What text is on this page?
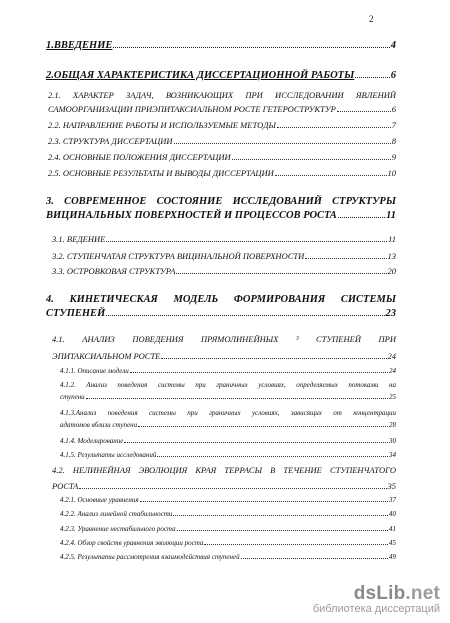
2
1.ВВЕДЕНИЕ	4
2.ОБЩАЯ ХАРАКТЕРИСТИКА ДИССЕРТАЦИОННОЙ РАБОТЫ	6
2.1. ХАРАКТЕР ЗАДАЧ, ВОЗНИКАЮЩИХ ПРИ ИССЛЕДОВАНИИ ЯВЛЕНИЙ
САМООРГАНИЗАЦИИ ПРИЭПИТАКСИАЛЬНОМ РОСТЕ ГЕТЕРОСТРУКТУР	6
2.2. НАПРАВЛЕНИЕ РАБОТЫ И ИСПОЛЬЗУЕМЫЕ МЕТОДЫ	7
2.3. СТРУКТУРА ДИССЕРТАЦИИ	8
2.4. ОСНОВНЫЕ ПОЛОЖЕНИЯ ДИССЕРТАЦИИ	9
2.5. ОСНОВНЫЕ РЕЗУЛЬТАТЫ И ВЫВОДЫ ДИССЕРТАЦИИ	10
3. СОВРЕМЕННОЕ СОСТОЯНИЕ ИССЛЕДОВАНИЙ СТРУКТУРЫ
ВИЦИНАЛЬНЫХ ПОВЕРХНОСТЕЙ И ПРОЦЕССОВ РОСТА	11
3.1. ВЕДЕНИЕ	11
3.2. СТУПЕНЧАТАЯ СТРУКТУРА ВИЦИНАЛЬНОЙ ПОВЕРХНОСТИ	13
3.3. ОСТРОВКОВАЯ СТРУКТУРА	20
4. КИНЕТИЧЕСКАЯ МОДЕЛЬ ФОРМИРОВАНИЯ СИСТЕМЫ
СТУПЕНЕЙ	23
4.1. АНАЛИЗ ПОВЕДЕНИЯ ПРЯМОЛИНЕЙНЫХ ³ СТУПЕНЕЙ ПРИ
ЭПИТАКСИАЛЬНОМ РОСТЕ	24
4.1.1. Описание модели	24
4.1.2. Анализ поведения системы при граничных условиях, определяемых потоками на
ступени	25
4.1.3.Анализ поведения системы при граничных условиях, зависящих от концентрации
адатомов вблизи ступени	28
4.1.4. Моделирование	30
4.1.5. Результаты исследований	34
4.2. НЕЛИНЕЙНАЯ ЭВОЛЮЦИЯ КРАЯ ТЕРРАСЫ В ТЕЧЕНИЕ СТУПЕНЧАТОГО
РОСТА	35
4.2.1. Основные уравнения	37
4.2.2. Анализ линейной стабильности	40
4.2.3. Уравнение нестабильного роста	41
4.2.4. Обзор свойств уравнения эволюции роста	45
4.2.5. Результаты рассмотрения взаимодействия ступеней	49
dsLib.net
библиотека диссертаций
